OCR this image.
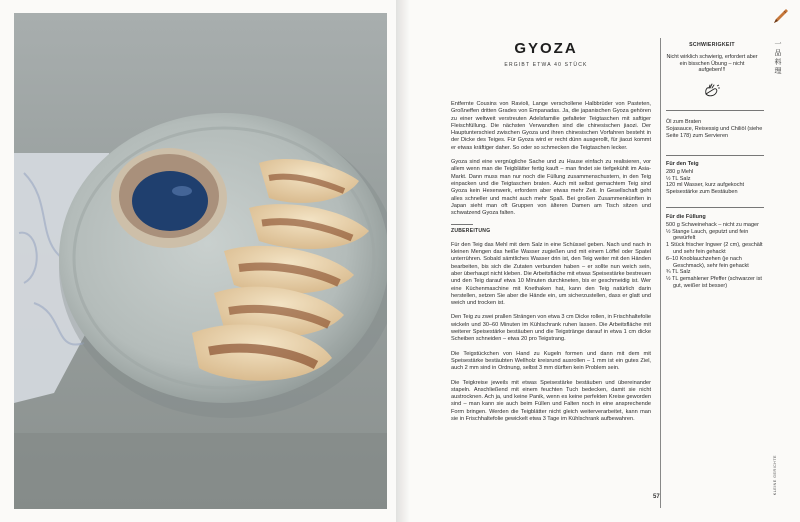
GYOZA
ERGIBT ETWA 40 STÜCK

Entfernte Cousins von Ravioli, Lange verschollene Halbbrüder von Pasteten, Großneffen dritten Grades von Empanadas. Ja, die japanischen Gyoza gehören zu einer weltweit verstreuten Adelsfamilie gefalteter Teigtaschen mit saftiger Fleischfüllung. Die nächsten Verwandten sind die chinesischen jiaozi. Der Hauptunterschied zwischen Gyoza und ihren chinesischen Vorfahren besteht in der Dicke des Teiges. Für Gyoza wird er recht dünn ausgerollt, für jiaozi kommt er etwas kräftiger daher. So oder so schmecken die Teigtaschen lecker.

Gyoza sind eine vergnügliche Sache und zu Hause einfach zu realisieren, vor allem wenn man die Teigblätter fertig kauft – man findet sie tiefgekühlt im Asia-Markt. Dann muss man nur noch die Füllung zusammenschustern, in den Teig einpacken und die Teigtaschen braten. Auch mit selbst gemachtem Teig sind Gyoza kein Hexenwerk, erfordern aber etwas mehr Zeit. In Gesellschaft geht alles schneller und macht auch mehr Spaß. Bei großen Zusammenkünften in Japan sieht man oft Gruppen von älteren Damen am Tisch sitzen und schwatzend Gyoza falten.

ZUBEREITUNG

Für den Teig das Mehl mit dem Salz in eine Schüssel geben. Nach und nach in kleinen Mengen das heiße Wasser zugießen und mit einem Löffel oder Spatel unterrühren. Sobald sämtliches Wasser drin ist, den Teig weiter mit den Händen bearbeiten, bis sich die Zutaten verbunden haben – er sollte nun weich sein, aber überhaupt nicht kleben. Die Arbeitsfläche mit etwas Speisestärke bestreuen und den Teig darauf etwa 10 Minuten durchkneten, bis er geschmeidig ist. Wer eine Küchenmaschine mit Knethaken hat, kann den Teig natürlich darin herstellen, setzen Sie aber die Hände ein, um sicherzustellen, dass er glatt und weich und trocken ist.

Den Teig zu zwei prallen Strängen von etwa 3 cm Dicke rollen, in Frischhaltefolie wickeln und 30–60 Minuten im Kühlschrank ruhen lassen. Die Arbeitsfläche mit weiterer Speisestärke bestäuben und die Teigstränge darauf in etwa 1 cm dicke Scheiben schneiden – etwa 20 pro Teigstrang.

Die Teigstückchen von Hand zu Kugeln formen und dann mit dem mit Speisestärke bestäubten Wellholz kreisrund ausrollen – 1 mm ist ein gutes Ziel, auch 2 mm sind in Ordnung, selbst 3 mm dürften kein Problem sein.

Die Teigkreise jeweils mit etwas Speisestärke bestäuben und übereinander stapeln. Anschließend mit einem feuchten Tuch bedecken, damit sie nicht austrocknen. Ach ja, und keine Panik, wenn es keine perfekten Kreise geworden sind – man kann sie auch beim Füllen und Falten noch in eine ansprechende Form bringen. Werden die Teigblätter nicht gleich weiterverarbeitet, kann man sie in Frischhaltefolie gewickelt etwa 3 Tage im Kühlschrank aufbewahren.

SCHWIERIGKEIT
Nicht wirklich schwierig, erfordert aber ein bisschen Übung – nicht aufgeben!!!
Öl zum Braten
Sojasauce, Reisessig und Chiliöl (siehe Seite 178) zum Servieren
Für den Teig
280 g Mehl
½ TL Salz
120 ml Wasser, kurz aufgekocht
Speisestärke zum Bestäuben
Für die Füllung
500 g Schweinehack – nicht zu mager
½ Stange Lauch, geputzt und fein gewürfelt
1 Stück frischer Ingwer (2 cm), geschält und sehr fein gehackt
6–10 Knoblauchzehen (je nach Geschmack), sehr fein gehackt
¾ TL Salz
½ TL gemahlener Pfeffer (schwarzer ist gut, weißer ist besser)
一
品
料
理
KLEINE GERICHTE
57
